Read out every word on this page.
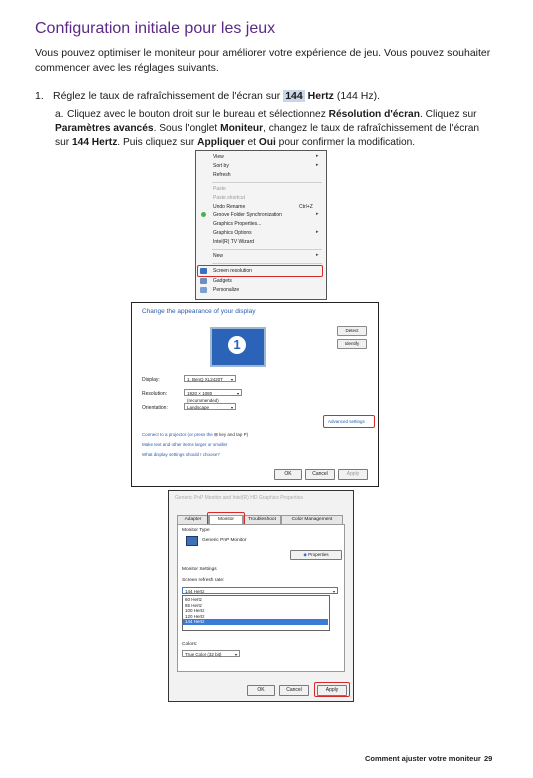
Configuration initiale pour les jeux
Vous pouvez optimiser le moniteur pour améliorer votre expérience de jeu. Vous pouvez souhaiter commencer avec les réglages suivants.
1. Réglez le taux de rafraîchissement de l'écran sur 144 Hertz (144 Hz).
a. Cliquez avec le bouton droit sur le bureau et sélectionnez Résolution d'écran. Cliquez sur Paramètres avancés. Sous l'onglet Moniteur, changez le taux de rafraîchissement de l'écran sur 144 Hertz. Puis cliquez sur Appliquer et Oui pour confirmer la modification.
View	▸
Sort by	▸
Refresh
Paste
Paste shortcut
Undo Rename	Ctrl+Z
Groove Folder Synchronization	▸
Graphics Properties...
Graphics Options	▸
Intel(R) TV Wizard
New	▸
Screen resolution
Gadgets
Personalize
Change the appearance of your display
1
Detect
Identify
Display:	1. BenQ XL2420T ▾
Resolution:	1920 × 1080 (recommended)
▾
Orientation:	Landscape	▾
Advanced settings
Connect to a projector (or press the ⊞ key and tap P)
Make text and other items larger or smaller
What display settings should I choose?
OK	Cancel	Apply
Generic PnP Monitor and Intel(R) HD Graphics Properties
Adapter	Monitor	Troubleshoot	Color Management
Monitor Type
Generic PnP Monitor
◆ Properties
Monitor Settings
Screen refresh rate:
144 Hertz	▾
60 Hertz
85 Hertz
100 Hertz
120 Hertz
144 Hertz
Colors:
True Color (32 bit)	▾
OK	Cancel	Apply
Comment ajuster votre moniteur 29
